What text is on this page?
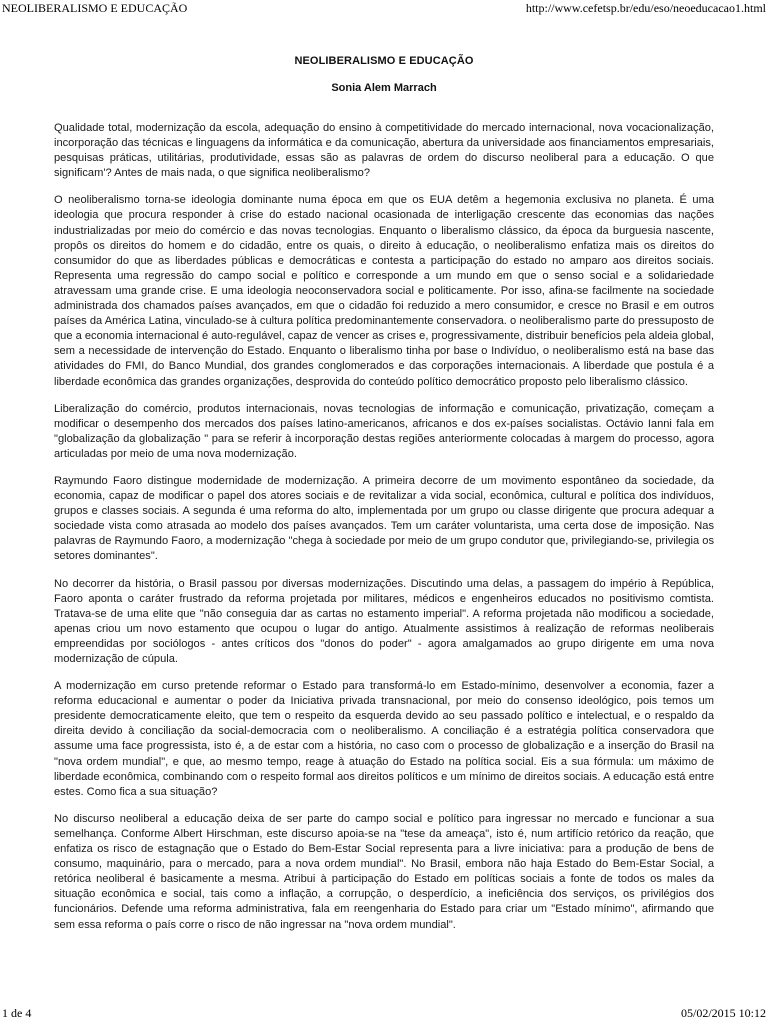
NEOLIBERALISMO E EDUCAÇÃO	http://www.cefetsp.br/edu/eso/neoeducacao1.html
NEOLIBERALISMO E EDUCAÇÃO
Sonia Alem Marrach

Qualidade total, modernização da escola, adequação do ensino à competitividade do mercado internacional, nova vocacionalização, incorporação das técnicas e linguagens da informática e da comunicação, abertura da universidade aos financiamentos empresariais, pesquisas práticas, utilitárias, produtividade, essas são as palavras de ordem do discurso neoliberal para a educação. O que significam'? Antes de mais nada, o que significa neoliberalismo?

O neoliberalismo torna-se ideologia dominante numa época em que os EUA detêm a hegemonia exclusiva no planeta. É uma ideologia que procura responder à crise do estado nacional ocasionada de interligação crescente das economias das nações industrializadas por meio do comércio e das novas tecnologias. Enquanto o liberalismo clássico, da época da burguesia nascente, propôs os direitos do homem e do cidadão, entre os quais, o direito à educação, o neoliberalismo enfatiza mais os direitos do consumidor do que as liberdades públicas e democráticas e contesta a participação do estado no amparo aos direitos sociais. Representa uma regressão do campo social e político e corresponde a um mundo em que o senso social e a solidariedade atravessam uma grande crise. E uma ideologia neoconservadora social e politicamente. Por isso, afina-se facilmente na sociedade administrada dos chamados países avançados, em que o cidadão foi reduzido a mero consumidor, e cresce no Brasil e em outros países da América Latina, vinculado-se à cultura política predominantemente conservadora. o neoliberalismo parte do pressuposto de que a economia internacional é auto-regulável, capaz de vencer as crises e, progressivamente, distribuir benefícios pela aldeia global, sem a necessidade de intervenção do Estado. Enquanto o liberalismo tinha por base o Indivíduo, o neoliberalismo está na base das atividades do FMI, do Banco Mundial, dos grandes conglomerados e das corporações internacionais. A liberdade que postula é a liberdade econômica das grandes organizações, desprovida do conteúdo político democrático proposto pelo liberalismo clássico.

Liberalização do comércio, produtos internacionais, novas tecnologias de informação e comunicação, privatização, começam a modificar o desempenho dos mercados dos países latino-americanos, africanos e dos ex-países socialistas. Octávio Ianni fala em "globalização da globalização " para se referir à incorporação destas regiões anteriormente colocadas à margem do processo, agora articuladas por meio de uma nova modernização.

Raymundo Faoro distingue modernidade de modernização. A primeira decorre de um movimento espontâneo da sociedade, da economia, capaz de modificar o papel dos atores sociais e de revitalizar a vida social, econômica, cultural e política dos indivíduos, grupos e classes sociais. A segunda é uma reforma do alto, implementada por um grupo ou classe dirigente que procura adequar a sociedade vista como atrasada ao modelo dos países avançados. Tem um caráter voluntarista, uma certa dose de imposição. Nas palavras de Raymundo Faoro, a modernização "chega à sociedade por meio de um grupo condutor que, privilegiando-se, privilegia os setores dominantes".

No decorrer da história, o Brasil passou por diversas modernizações. Discutindo uma delas, a passagem do império à República, Faoro aponta o caráter frustrado da reforma projetada por militares, médicos e engenheiros educados no positivismo comtista. Tratava-se de uma elite que "não conseguia dar as cartas no estamento imperial". A reforma projetada não modificou a sociedade, apenas criou um novo estamento que ocupou o lugar do antigo. Atualmente assistimos à realização de reformas neoliberais empreendidas por sociólogos - antes críticos dos "donos do poder" - agora amalgamados ao grupo dirigente em uma nova modernização de cúpula.

A modernização em curso pretende reformar o Estado para transformá-lo em Estado-mínimo, desenvolver a economia, fazer a reforma educacional e aumentar o poder da Iniciativa privada transnacional, por meio do consenso ideológico, pois temos um presidente democraticamente eleito, que tem o respeito da esquerda devido ao seu passado político e intelectual, e o respaldo da direita devido à conciliação da social-democracia com o neoliberalismo. A conciliação é a estratégia política conservadora que assume uma face progressista, isto é, a de estar com a história, no caso com o processo de globalização e a inserção do Brasil na "nova ordem mundial", e que, ao mesmo tempo, reage à atuação do Estado na política social. Eis a sua fórmula: um máximo de liberdade econômica, combinando com o respeito formal aos direitos políticos e um mínimo de direitos sociais. A educação está entre estes. Como fica a sua situação?

No discurso neoliberal a educação deixa de ser parte do campo social e político para ingressar no mercado e funcionar a sua semelhança. Conforme Albert Hirschman, este discurso apoia-se na "tese da ameaça", isto é, num artifício retórico da reação, que enfatiza os risco de estagnação que o Estado do Bem-Estar Social representa para a livre iniciativa: para a produção de bens de consumo, maquinário, para o mercado, para a nova ordem mundial". No Brasil, embora não haja Estado do Bem-Estar Social, a retórica neoliberal é basicamente a mesma. Atribui à participação do Estado em políticas sociais a fonte de todos os males da situação econômica e social, tais como a inflação, a corrupção, o desperdício, a ineficiência dos serviços, os privilégios dos funcionários. Defende uma reforma administrativa, fala em reengenharia do Estado para criar um "Estado mínimo", afirmando que sem essa reforma o país corre o risco de não ingressar na "nova ordem mundial".

1 de 4	05/02/2015 10:12
